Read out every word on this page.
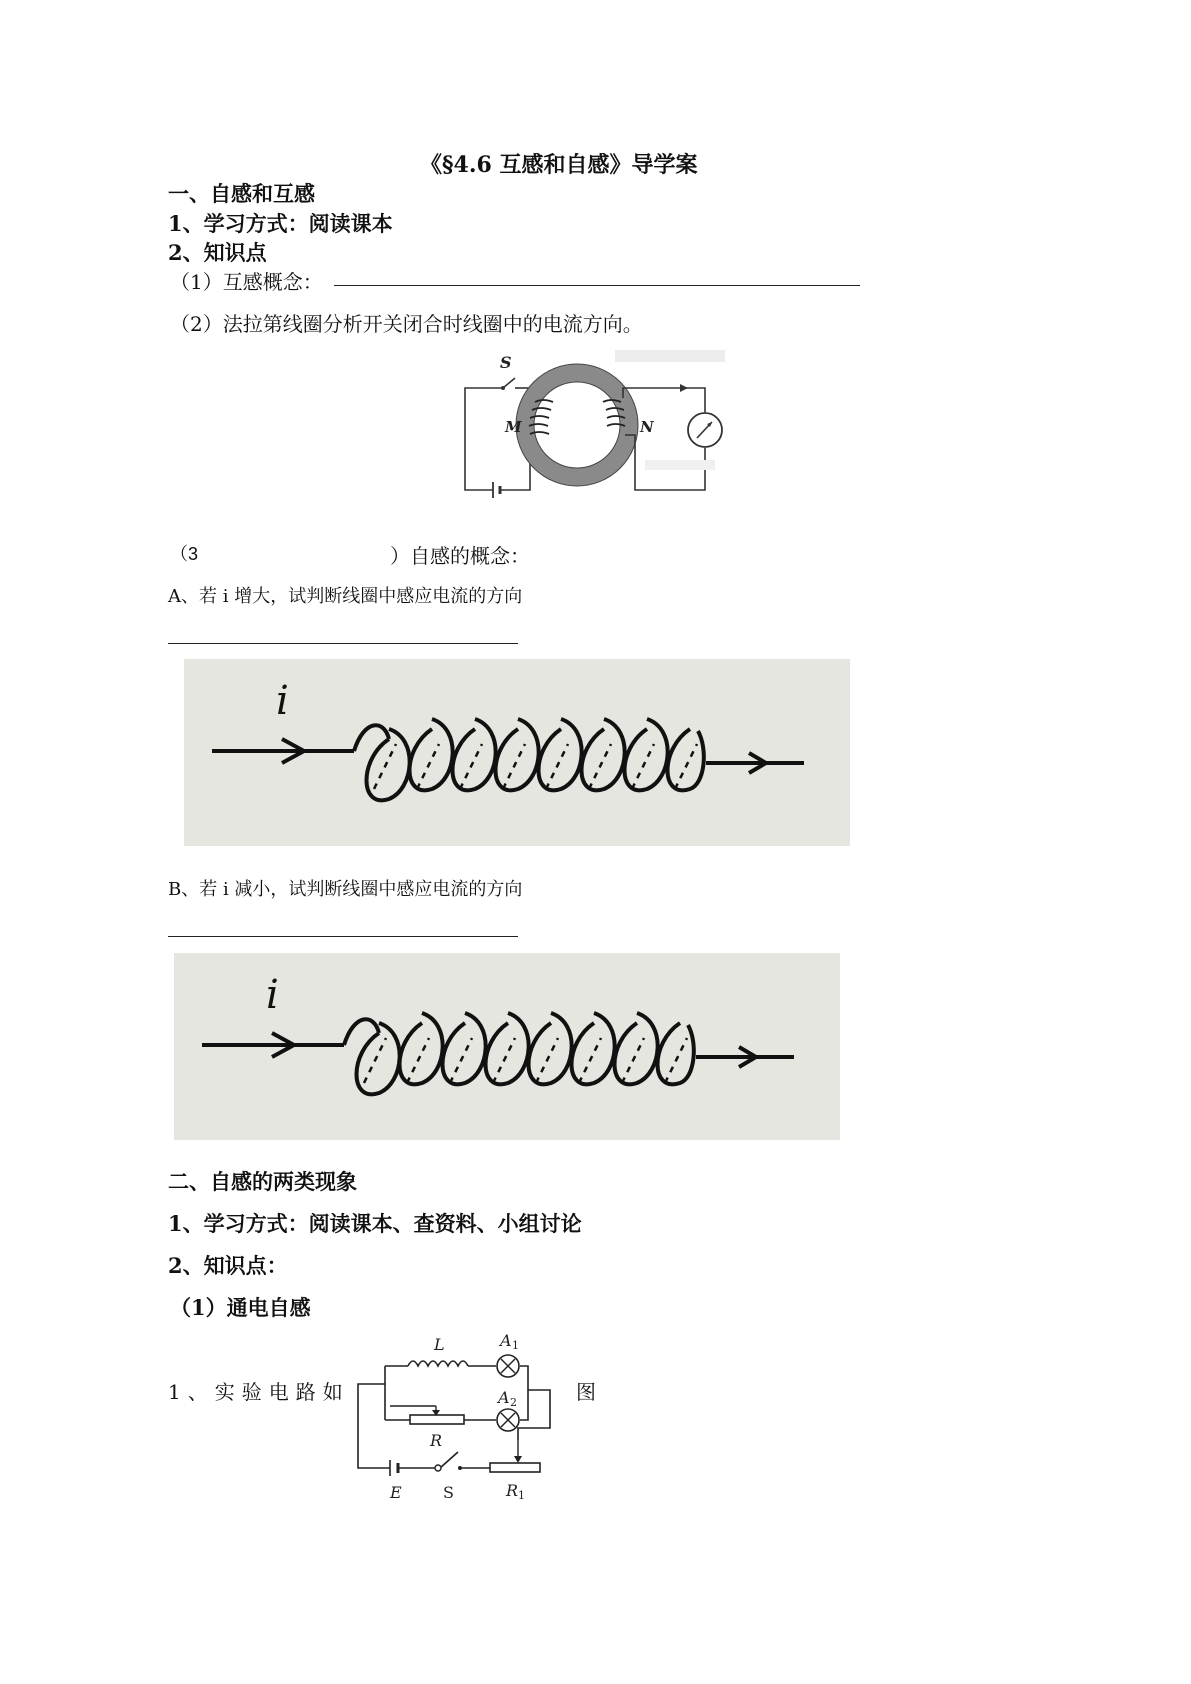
《§4.6 互感和自感》导学案
一、自感和互感
1、学习方式：阅读课本
2、知识点
（1）互感概念：
（2）法拉第线圈分析开关闭合时线圈中的电流方向。
S
M	N
（3	）自感的概念：
A、若 i 增大，试判断线圈中感应电流的方向
i
B、若 i 减小，试判断线圈中感应电流的方向
i
二、自感的两类现象
1、学习方式：阅读课本、查资料、小组讨论
2、知识点：
（1）通电自感
1、实验电路如	图
L	A 1
A 2
R
E	S	R 1
